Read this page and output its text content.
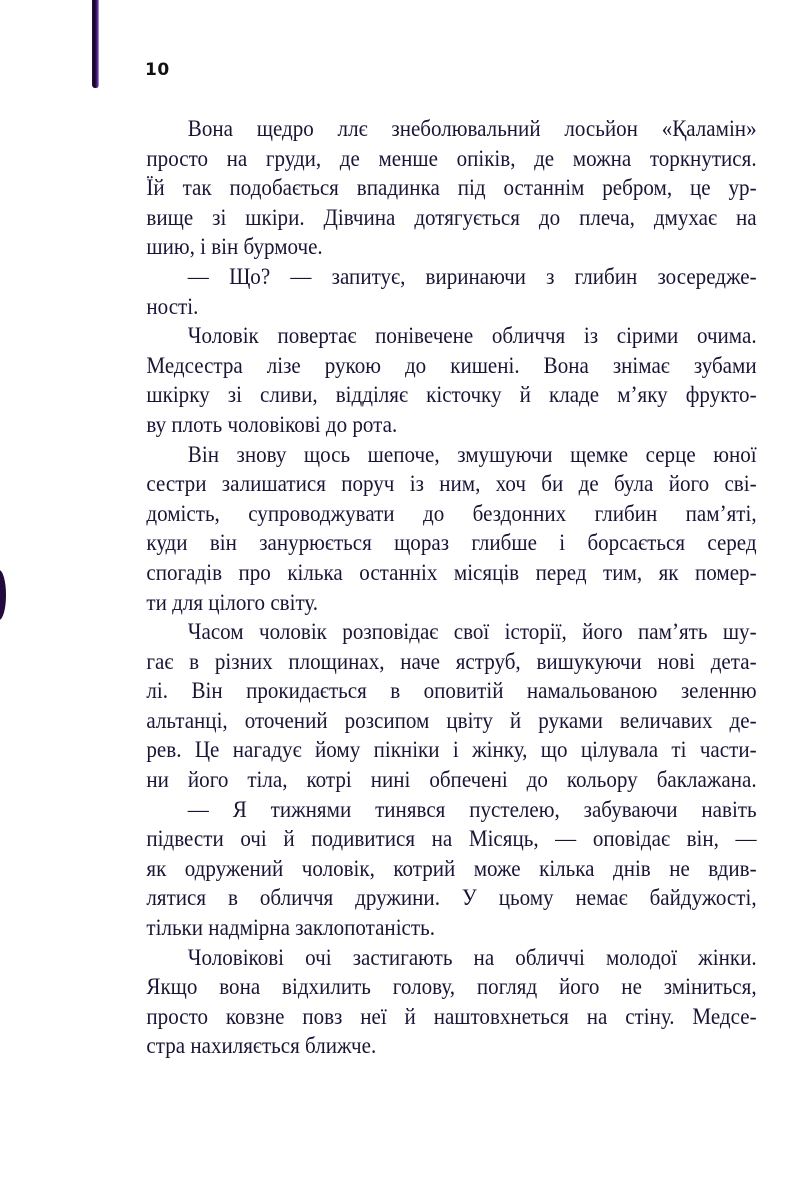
10

Вона щедро ллє знеболювальний лосьйон «Қаламін»
просто на груди, де менше опіків, де можна торкнутися.
Їй так подобається впадинка під останнім ребром, це ур-
вище зі шкіри. Дівчина дотягується до плеча, дмухає на
шию, і він бурмоче.

— Що? — запитує, виринаючи з глибин зосередже-
ності.

Чоловік повертає понівечене обличчя із сірими очима.
Медсестра лізе рукою до кишені. Вона знімає зубами
шкірку зі сливи, відділяє кісточку й кладе м’яку фрукто-
ву плоть чоловікові до рота.

Він знову щось шепоче, змушуючи щемке серце юної
сестри залишатися поруч із ним, хоч би де була його сві-
домість, супроводжувати до бездонних глибин пам’яті,
куди він занурюється щораз глибше і борсається серед
спогадів про кілька останніх місяців перед тим, як помер-
ти для цілого світу.

Часом чоловік розповідає свої історії, його пам’ять шу-
гає в різних площинах, наче яструб, вишукуючи нові дета-
лі. Він прокидається в оповитій намальованою зеленню
альтанці, оточений розсипом цвіту й руками величавих де-
рев. Це нагадує йому пікніки і жінку, що цілувала ті части-
ни його тіла, котрі нині обпечені до кольору баклажана.

— Я тижнями тинявся пустелею, забуваючи навіть
підвести очі й подивитися на Місяць, — оповідає він, —
як одружений чоловік, котрий може кілька днів не вдив-
лятися в обличчя дружини. У цьому немає байдужості,
тільки надмірна заклопотаність.

Чоловікові очі застигають на обличчі молодої жінки.
Якщо вона відхилить голову, погляд його не зміниться,
просто ковзне повз неї й наштовхнеться на стіну. Медсе-
стра нахиляється ближче.
